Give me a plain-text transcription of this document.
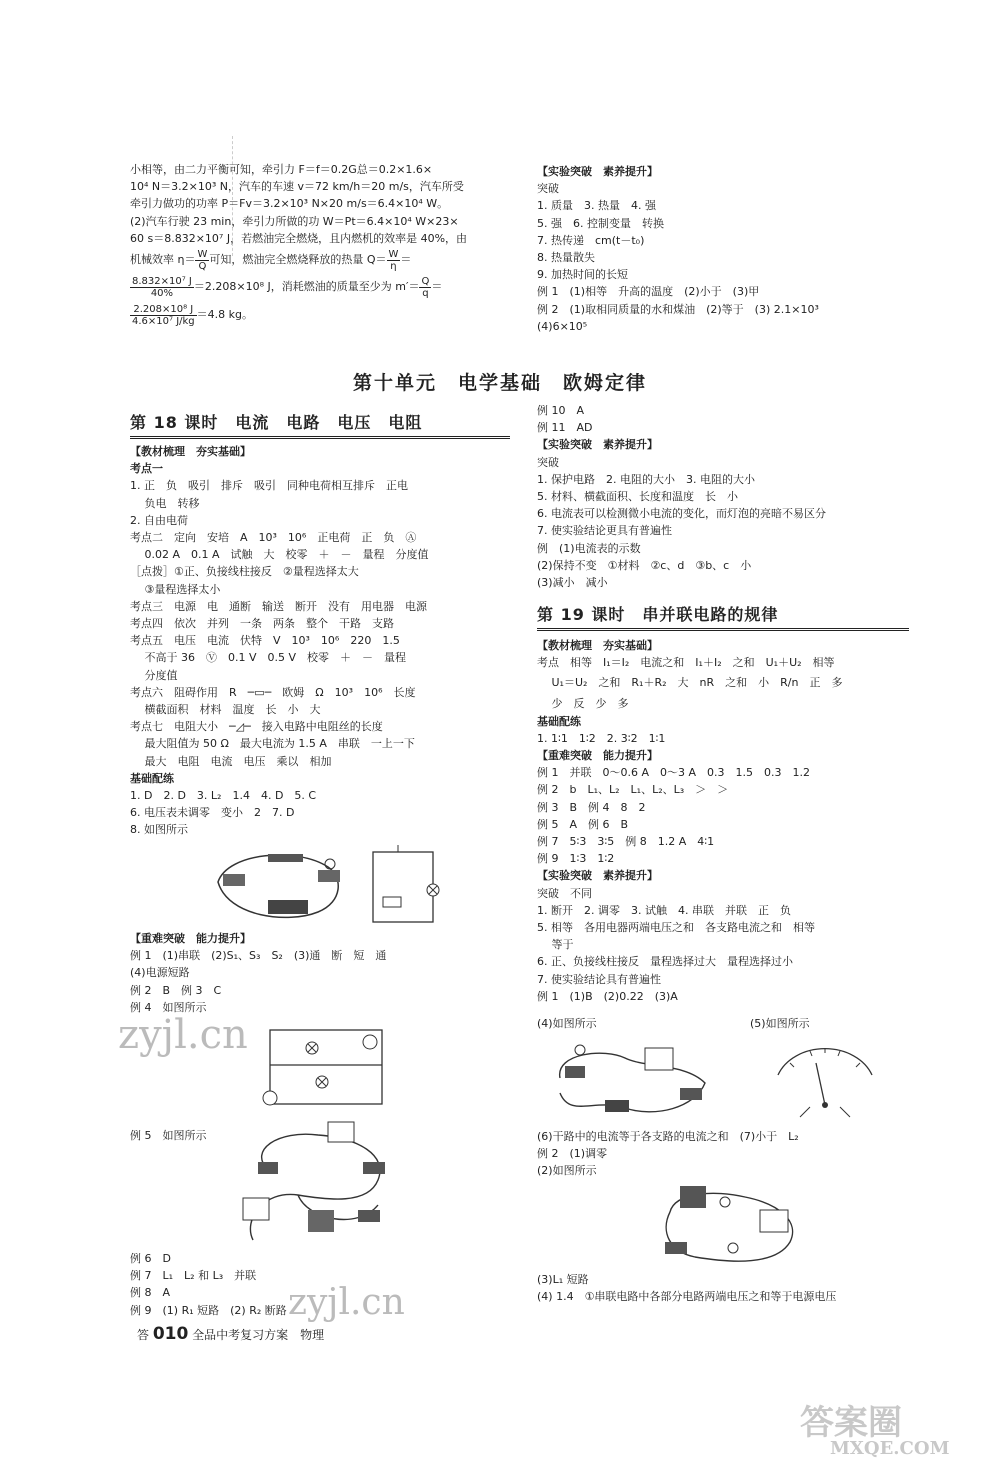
小相等，由二力平衡可知，牵引力 F＝f＝0.2G总＝0.2×1.6×
10⁴ N＝3.2×10³ N，汽车的车速 v＝72 km/h＝20 m/s，汽车所受
牵引力做功的功率 P＝Fv＝3.2×10³ N×20 m/s＝6.4×10⁴ W。
(2)汽车行驶 23 min，牵引力所做的功 W＝Pt＝6.4×10⁴ W×23×
60 s＝8.832×10⁷ J，若燃油完全燃烧，且内燃机的效率是 40%，由
机械效率 $\eta= \frac{W}{Q}$ 可知，燃油完全燃烧释放的热量 $Q= \frac{W}{\eta}$ ＝
$\frac{\text{8.832×10⁷ J}}{40\%} =2.208\times 10^8$ J，消耗燃油的质量至少为 $m'= \frac{Q}{q}$ ＝
$\frac{\text{2.208×10⁸ J}}{\text{4.6×10⁷ J/kg}} =4.8$ kg。
【实验突破　素养提升】
突破
1. 质量　3. 热量　4. 强
5. 强　6. 控制变量　转换
7. 热传递　cm(t－t₀)
8. 热量散失
9. 加热时间的长短
例 1　(1)相等　升高的温度　(2)小于　(3)甲
例 2　(1)取相同质量的水和煤油　(2)等于　(3) 2.1×10³
(4)6×10⁵
第十单元　电学基础　欧姆定律
第 18 课时　电流　电路　电压　电阻
【教材梳理　夯实基础】
考点一
1. 正　负　吸引　排斥　吸引　同种电荷相互排斥　正电
　 负电　转移
2. 自由电荷
考点二　定向　安培　A　10³　10⁶　正电荷　正　负　Ⓐ
　 0.02 A　0.1 A　试触　大　校零　＋　－　量程　分度值
［点拨］①正、负接线柱接反　②量程选择太大
　 ③量程选择太小
考点三　电源　电　通断　输送　断开　没有　用电器　电源
考点四　依次　并列　一条　两条　整个　干路　支路
考点五　电压　电流　伏特　V　10³　10⁶　220　1.5
　 不高于 36　Ⓥ　0.1 V　0.5 V　校零　＋　－　量程
　 分度值
考点六　阻碍作用　R　─▭─　欧姆　Ω　10³　10⁶　长度
　 横截面积　材料　温度　长　小　大
考点七　电阻大小　─◿─　接入电路中电阻丝的长度
　 最大阻值为 50 Ω　最大电流为 1.5 A　串联　一上一下
　 最大　电阻　电流　电压　乘以　相加
基础配练
1. D　2. D　3. L₂　1.4　4. D　5. C
6. 电压表未调零　变小　2　7. D
8. 如图所示
【重难突破　能力提升】
例 1　(1)串联　(2)S₁、S₃　S₂　(3)通　断　短　通
(4)电源短路
例 2　B　例 3　C
例 4　如图所示
例 5　如图所示
例 6　D
例 7　L₁　L₂ 和 L₃　并联
例 8　A
例 9　(1) R₁ 短路　(2) R₂ 断路
例 10　A
例 11　AD
【实验突破　素养提升】
突破
1. 保护电路　2. 电阻的大小　3. 电阻的大小
5. 材料、横截面积、长度和温度　长　小
6. 电流表可以检测微小电流的变化，而灯泡的亮暗不易区分
7. 使实验结论更具有普遍性
例　(1)电流表的示数
(2)保持不变　①材料　②c、d　③b、c　小
(3)减小　减小
第 19 课时　串并联电路的规律
【教材梳理　夯实基础】
考点　相等　I₁＝I₂　电流之和　I₁＋I₂　之和　U₁＋U₂　相等
　 U₁＝U₂　之和　R₁＋R₂　大　nR　之和　小　R/n　正　多
　 少　反　少　多
基础配练
1. 1∶1　1∶2　2. 3∶2　1∶1
【重难突破　能力提升】
例 1　并联　0～0.6 A　0～3 A　0.3　1.5　0.3　1.2
例 2　b　L₁、L₂　L₁、L₂、L₃　＞　＞
例 3　B　例 4　8　2
例 5　A　例 6　B
例 7　5∶3　3∶5　例 8　1.2 A　4∶1
例 9　1∶3　1∶2
【实验突破　素养提升】
突破　不同
1. 断开　2. 调零　3. 试触　4. 串联　并联　正　负
5. 相等　各用电器两端电压之和　各支路电流之和　相等
　 等于
6. 正、负接线柱接反　量程选择过大　量程选择过小
7. 使实验结论具有普遍性
例 1　(1)B　(2)0.22　(3)A
(4)如图所示	(5)如图所示
(6)干路中的电流等于各支路的电流之和　(7)小于　L₂
例 2　(1)调零
(2)如图所示
(3)L₁ 短路
(4) 1.4　①串联电路中各部分电路两端电压之和等于电源电压
答 010 全品中考复习方案　物理
zyjl.cn
zyjl.cn
答案圈
MXQE.COM
